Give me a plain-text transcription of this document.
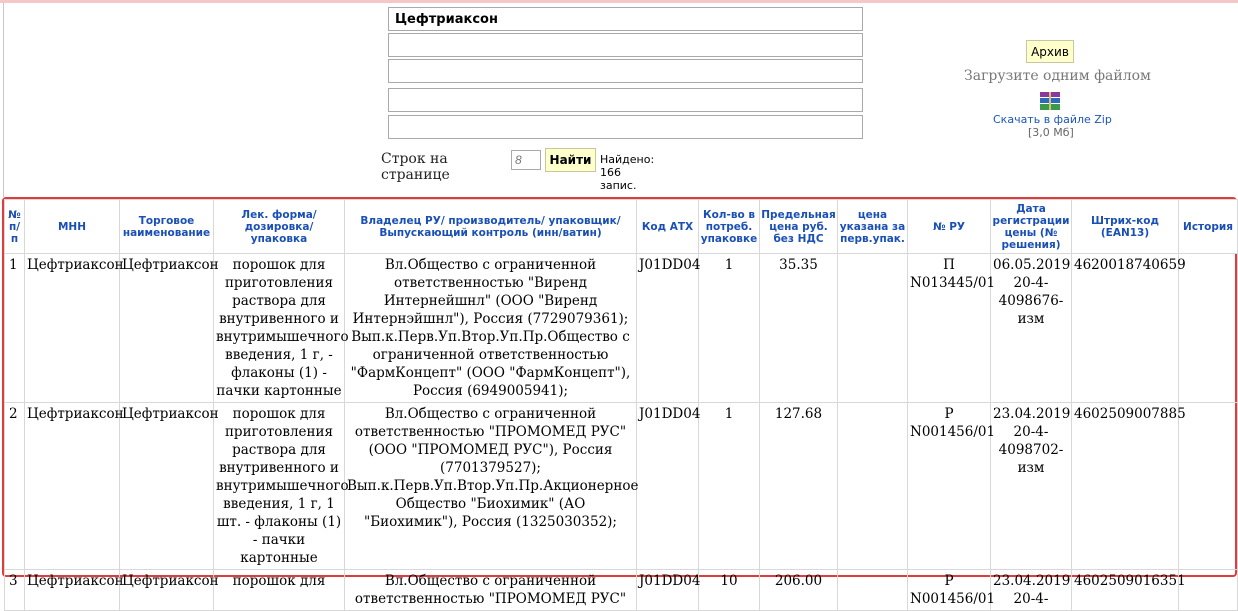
Цефтриаксон
Строк на странице
8
Найти Найдено: 166 запис.
Архив
Загрузите одним файлом
Скачать в файле Zip
[3,0 Мб]
№ п/п	МНН	Торговое наименование	Лек. форма/ дозировка/ упаковка	Владелец РУ/ производитель/ упаковщик/ Выпускающий контроль (инн/ватин)	Код АТХ	Кол-во в потреб. упаковке	Предельная цена руб. без НДС	цена указана за перв.упак.	№ РУ	Дата регистрации цены (№ решения)	Штрих-код (EAN13)	История
1	Цефтриаксон	Цефтриаксон	порошок для приготовления раствора для внутривенного и внутримышечного введения, 1 г, - флаконы (1) - пачки картонные	Вл.Общество с ограниченной ответственностью "Виренд Интернейшнл" (ООО "Виренд Интернэйшнл"), Россия (7729079361); Вып.к.Перв.Уп.Втор.Уп.Пр.Общество с ограниченной ответственностью "ФармКонцепт" (ООО "ФармКонцепт"), Россия (6949005941);	J01DD04	1	35.35		П N013445/01	06.05.2019 20-4-4098676-изм	4620018740659	
2	Цефтриаксон	Цефтриаксон	порошок для приготовления раствора для внутривенного и внутримышечного введения, 1 г, 1 шт. - флаконы (1) - пачки картонные	Вл.Общество с ограниченной ответственностью "ПРОМОМЕД РУС" (ООО "ПРОМОМЕД РУС"), Россия (7701379527); Вып.к.Перв.Уп.Втор.Уп.Пр.Акционерное Общество "Биохимик" (АО "Биохимик"), Россия (1325030352);	J01DD04	1	127.68		Р N001456/01	23.04.2019 20-4-4098702-изм	4602509007885	
3	Цефтриаксон	Цефтриаксон	порошок для	Вл.Общество с ограниченной ответственностью "ПРОМОМЕД РУС"	J01DD04	10	206.00		Р N001456/01	23.04.2019 20-4-	4602509016351	
